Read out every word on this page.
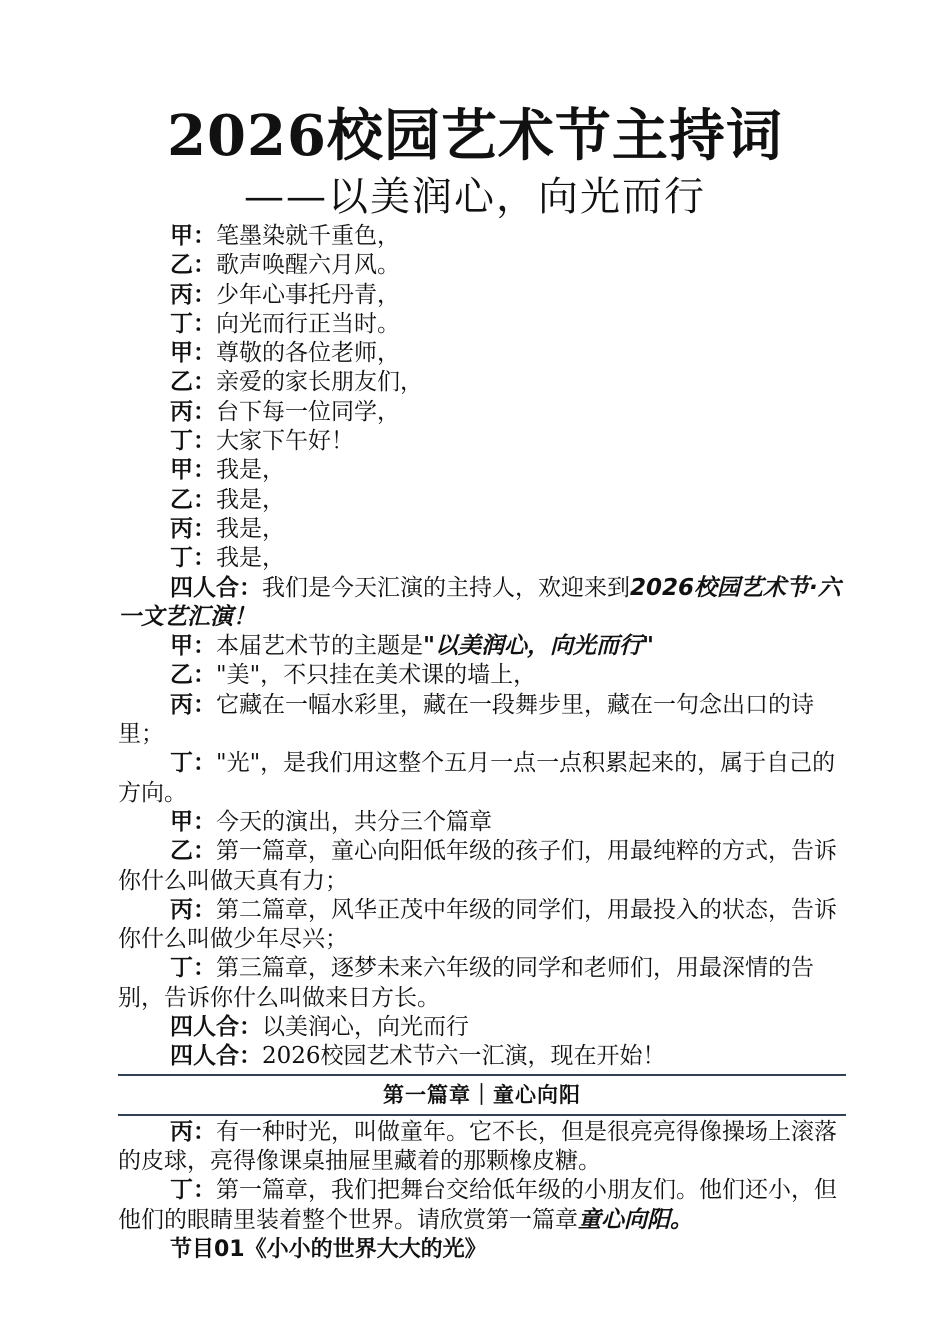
2026校园艺术节主持词
——以美润心，向光而行

甲：笔墨染就千重色，

乙：歌声唤醒六月风。

丙：少年心事托丹青，

丁：向光而行正当时。

甲：尊敬的各位老师，

乙：亲爱的家长朋友们，

丙：台下每一位同学，

丁：大家下午好！

甲：我是，

乙：我是，

丙：我是，

丁：我是，

四人合：我们是今天汇演的主持人，欢迎来到2026校园艺术节·六一文艺汇演！

甲：本届艺术节的主题是"以美润心，向光而行"

乙："美"，不只挂在美术课的墙上，

丙：它藏在一幅水彩里，藏在一段舞步里，藏在一句念出口的诗里；

丁："光"，是我们用这整个五月一点一点积累起来的，属于自己的方向。

甲：今天的演出，共分三个篇章

乙：第一篇章，童心向阳低年级的孩子们，用最纯粹的方式，告诉你什么叫做天真有力；

丙：第二篇章，风华正茂中年级的同学们，用最投入的状态，告诉你什么叫做少年尽兴；

丁：第三篇章，逐梦未来六年级的同学和老师们，用最深情的告别，告诉你什么叫做来日方长。

四人合：以美润心，向光而行

四人合：2026校园艺术节六一汇演，现在开始！

第一篇章｜童心向阳

丙：有一种时光，叫做童年。它不长，但是很亮亮得像操场上滚落的皮球，亮得像课桌抽屉里藏着的那颗橡皮糖。

丁：第一篇章，我们把舞台交给低年级的小朋友们。他们还小，但他们的眼睛里装着整个世界。请欣赏第一篇章童心向阳。

节目01《小小的世界大大的光》
